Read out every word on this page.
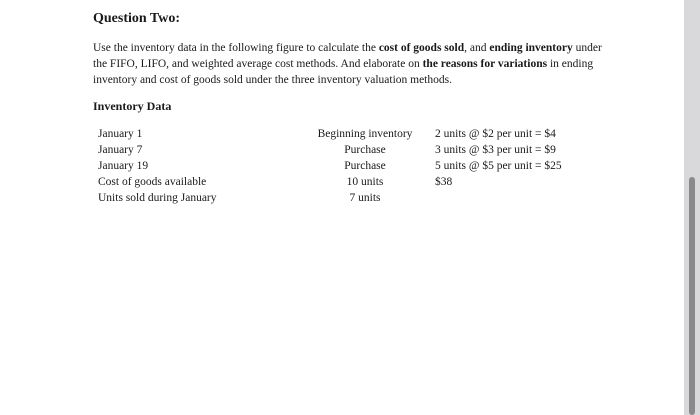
Question Two:
Use the inventory data in the following figure to calculate the cost of goods sold, and ending inventory under the FIFO, LIFO, and weighted average cost methods. And elaborate on the reasons for variations in ending inventory and cost of goods sold under the three inventory valuation methods.
Inventory Data
January 1
January 7
January 19
Cost of goods available
Units sold during January
Beginning inventory
Purchase
Purchase
10 units
7 units
2 units @ $2 per unit = $4
3 units @ $3 per unit = $9
5 units @ $5 per unit = $25
$38
